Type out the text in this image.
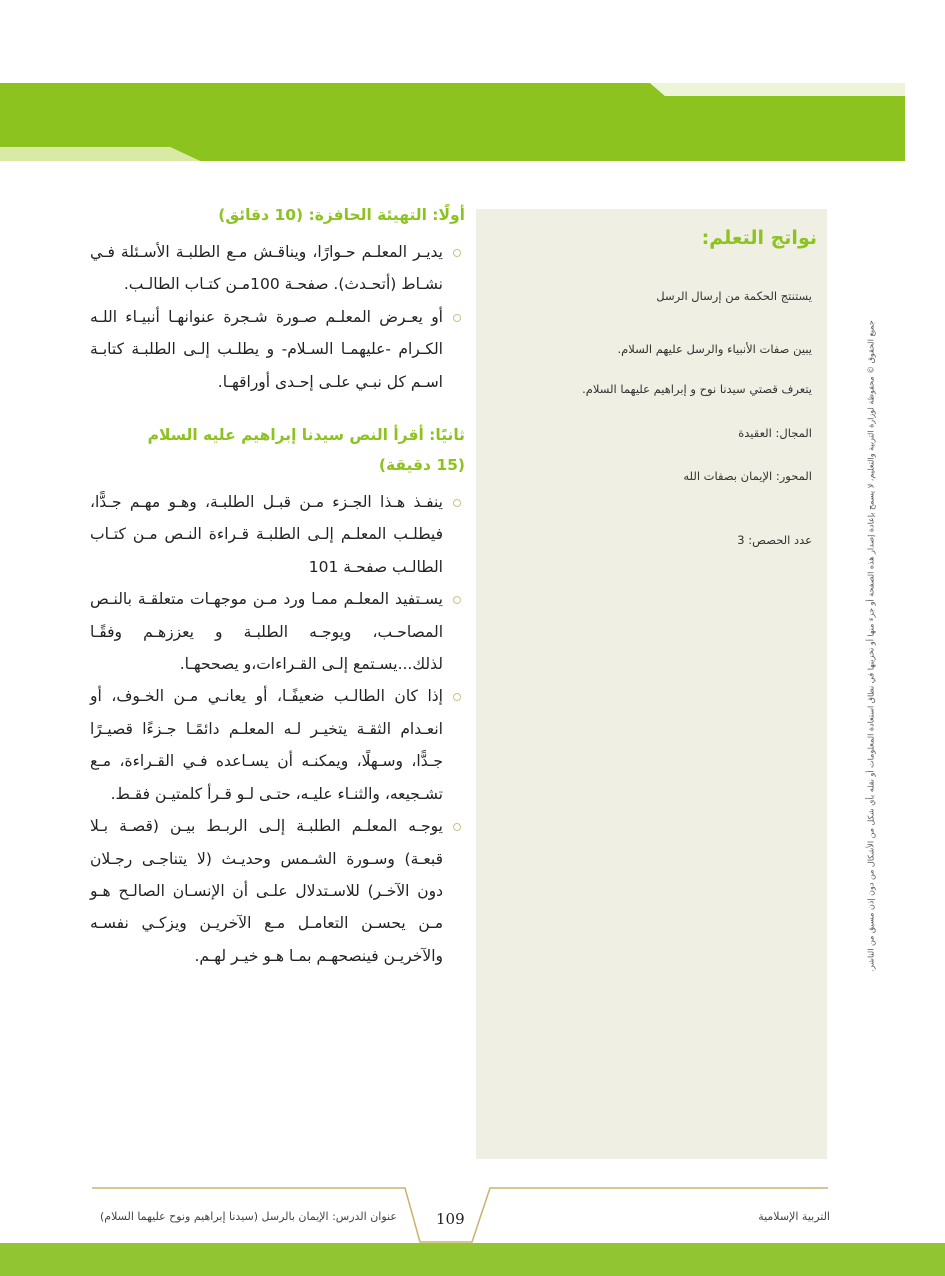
نواتج التعلم:
يستنتج الحكمة من إرسال الرسل
يبين صفات الأنبياء والرسل عليهم السلام.
يتعرف قصتي سيدنا نوح و إبراهيم عليهما السلام.
المجال: العقيدة
المحور: الإيمان بصفات الله
عدد الحصص: 3
أولًا: التهيئة الحافزة: (10 دقائق)
يديـر المعلـم حـوارًا، ويناقـش مـع الطلبـة الأسـئلة فـي نشـاط (أتحـدث). صفحـة 100مـن كتـاب الطالـب.
أو يعـرض المعلـم صـورة شـجرة عنوانهـا أنبيـاء اللـه الكـرام -عليهمـا السـلام- و يطلـب إلـى الطلبـة كتابـة اسـم كل نبـي علـى إحـدى أوراقهـا.
ثانيًا: أقرأ النص سيدنا إبراهيم عليه السلام
(15 دقيقة)
ينفـذ هـذا الجـزء مـن قبـل الطلبـة، وهـو مهـم جـدًّا، فيطلـب المعلـم إلـى الطلبـة قـراءة النـص مـن كتـاب الطالـب صفحـة 101
يسـتفيد المعلـم ممـا ورد مـن موجهـات متعلقـة بالنـص المصاحـب، ويوجـه الطلبـة و يعززهـم وفقًـا لذلك...يسـتمع إلـى القـراءات،و يصححهـا.
إذا كان الطالـب ضعيفًـا، أو يعانـي مـن الخـوف، أو انعـدام الثقـة يتخيـر لـه المعلـم دائمًـا جـزءًا قصيـرًا جـدًّا، وسـهلًا، ويمكنـه أن يسـاعده فـي القـراءة، مـع تشـجيعه، والثنـاء عليـه، حتـى لـو قـرأ كلمتيـن فقـط.
يوجـه المعلـم الطلبـة إلـى الربـط بيـن (قصـة بـلا قبعـة) وسـورة الشـمس وحديـث (لا يتناجـى رجـلان دون الآخـر) للاسـتدلال علـى أن الإنسـان الصالـح هـو مـن يحسـن التعامـل مـع الآخريـن ويزكـي نفسـه والآخريـن فينصحهـم بمـا هـو خيـر لهـم.	جميع الحقوق © محفوظة لوزارة التربية والتعليم، لا يسمح بإعادة إصدار هذه الصفحة أو جزء منها أو تخزينها في نطاق استعادة المعلومات أو نقله بأي شكل من الأشكال من دون إذن مسبق من الناشر.
عنوان الدرس: الإيمان بالرسل (سيدنا إبراهيم ونوح عليهما السلام)	109	التربية الإسلامية
